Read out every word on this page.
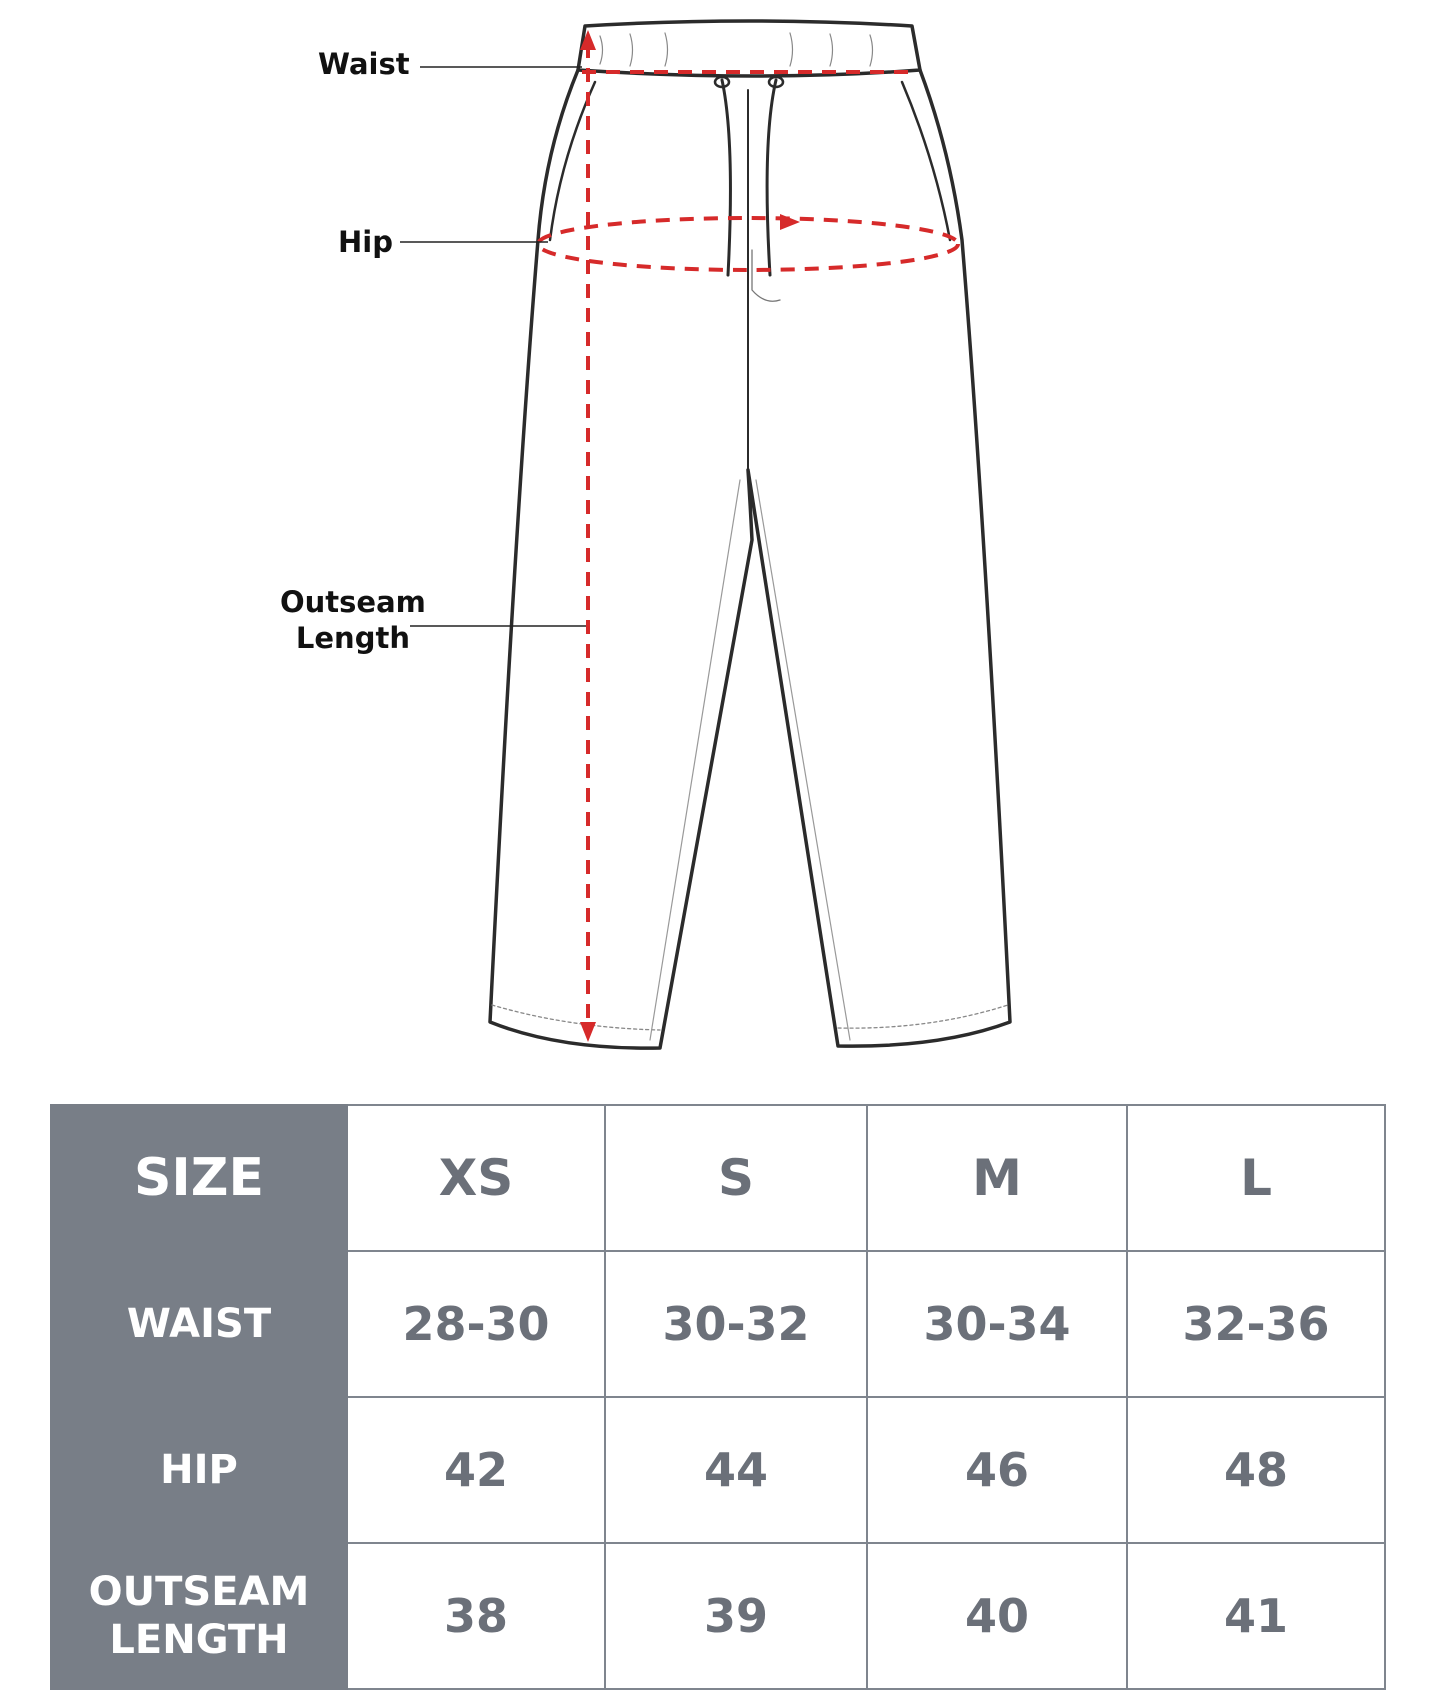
Waist
Hip
Outseam
Length
SIZE	XS	S	M	L

WAIST	28-30	30-32	30-34	32-36

HIP	42	44	46	48

OUTSEAM
LENGTH	38	39	40	41
